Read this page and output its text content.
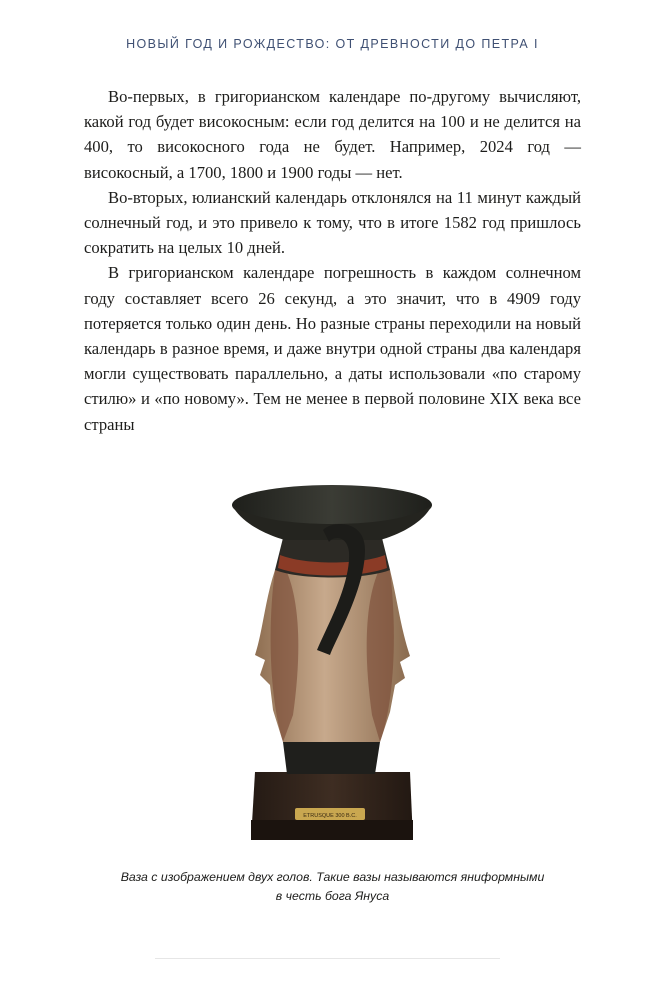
НОВЫЙ ГОД И РОЖДЕСТВО: ОТ ДРЕВНОСТИ ДО ПЕТРА I

Во-первых, в григорианском календаре по-другому вычисляют, какой год будет високосным: если год делится на 100 и не делится на 400, то високосного года не будет. Например, 2024 год — високосный, а 1700, 1800 и 1900 годы — нет.

Во-вторых, юлианский календарь отклонялся на 11 минут каждый солнечный год, и это привело к тому, что в итоге 1582 год пришлось сократить на целых 10 дней.

В григорианском календаре погрешность в каждом солнечном году составляет всего 26 секунд, а это значит, что в 4909 году потеряется только один день. Но разные страны переходили на новый календарь в разное время, и даже внутри одной страны два календаря могли существовать параллельно, а даты использовали «по старому стилю» и «по новому». Тем не менее в первой половине XIX века все страны

ETRUSQUE 300 B.C.
Ваза с изображением двух голов. Такие вазы называются яниформными
в честь бога Януса
